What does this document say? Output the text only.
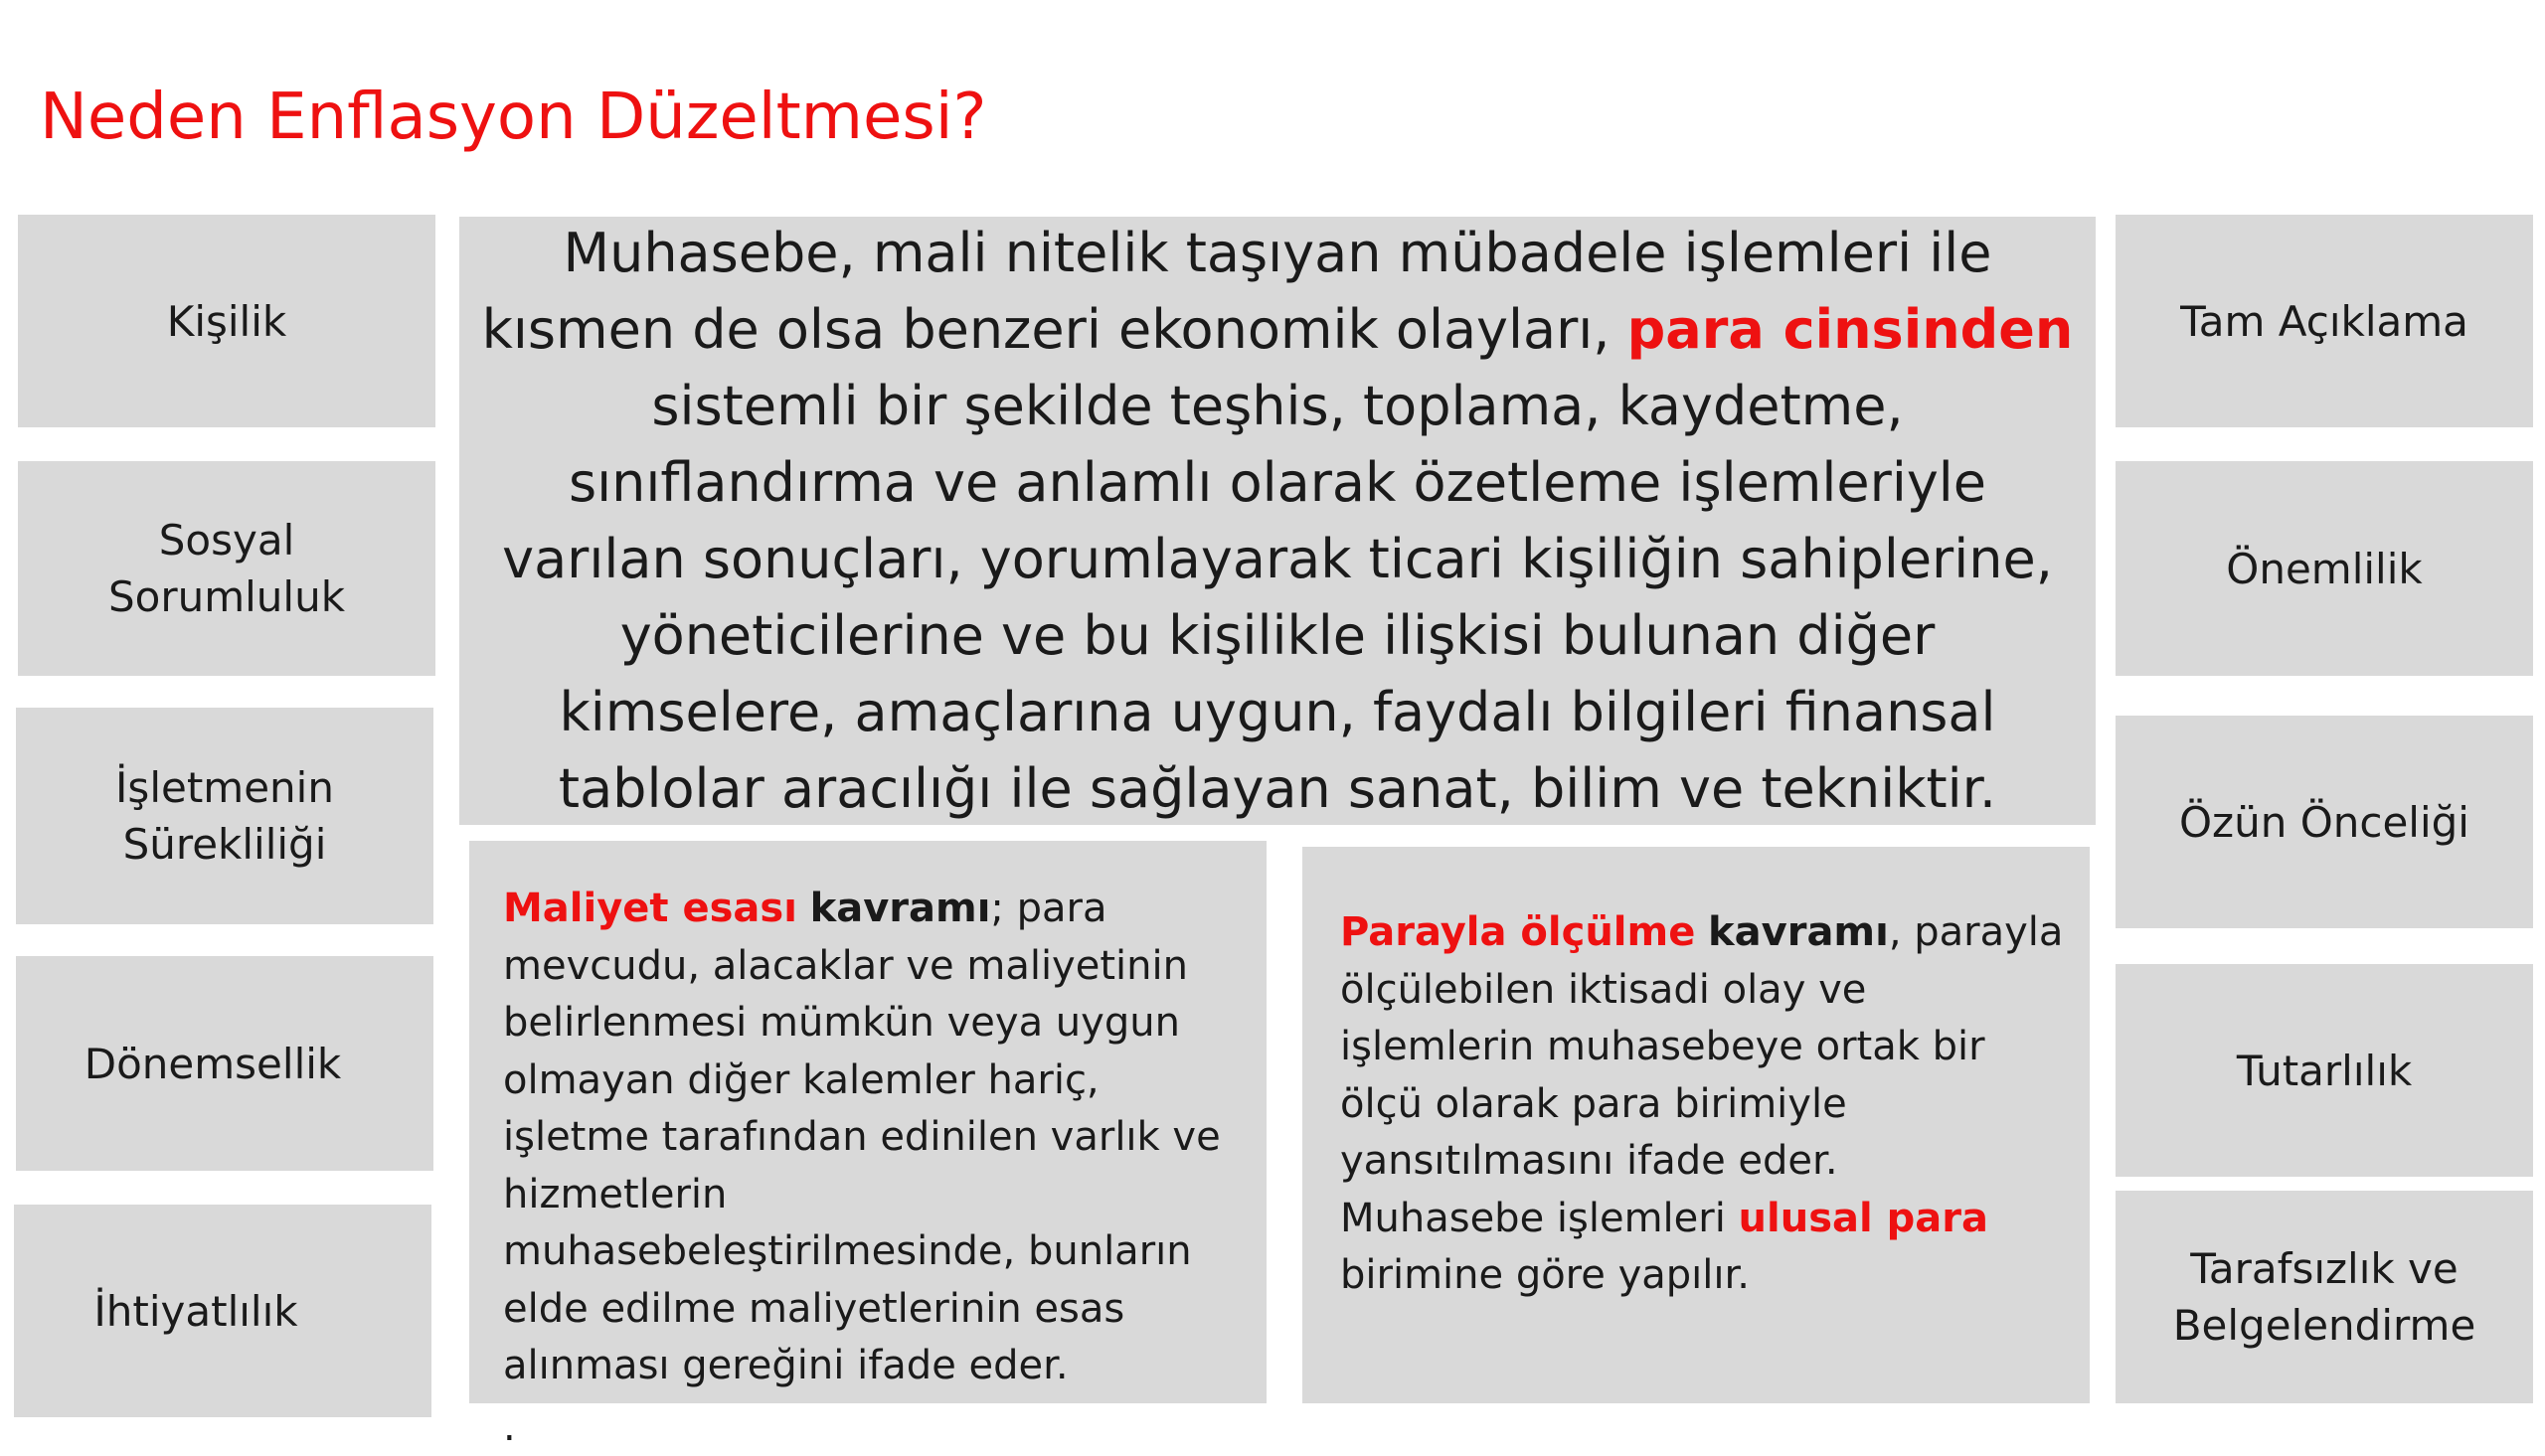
Neden Enflasyon Düzeltmesi?
Kişilik
Sosyal
Sorumluluk
İşletmenin
Sürekliliği
Dönemsellik
İhtiyatlılık
Tam Açıklama
Önemlilik
Özün Önceliği
Tutarlılık
Tarafsızlık ve
Belgelendirme
Muhasebe, mali nitelik taşıyan mübadele işlemleri ile kısmen de olsa benzeri ekonomik olayları, para cinsinden sistemli bir şekilde teşhis, toplama, kaydetme, sınıflandırma ve anlamlı olarak özetleme işlemleriyle varılan sonuçları, yorumlayarak ticari kişiliğin sahiplerine, yöneticilerine ve bu kişilikle ilişkisi bulunan diğer kimselere, amaçlarına uygun, faydalı bilgileri finansal tablolar aracılığı ile sağlayan sanat, bilim ve tekniktir.
Maliyet esası kavramı; para mevcudu, alacaklar ve maliyetinin belirlenmesi mümkün veya uygun olmayan diğer kalemler hariç, işletme tarafından edinilen varlık ve hizmetlerin muhasebeleştirilmesinde, bunların elde edilme maliyetlerinin esas alınması gereğini ifade eder.
.
Parayla ölçülme kavramı, parayla ölçülebilen iktisadi olay ve işlemlerin muhasebeye ortak bir ölçü olarak para birimiyle yansıtılmasını ifade eder.
Muhasebe işlemleri ulusal para birimine göre yapılır.
